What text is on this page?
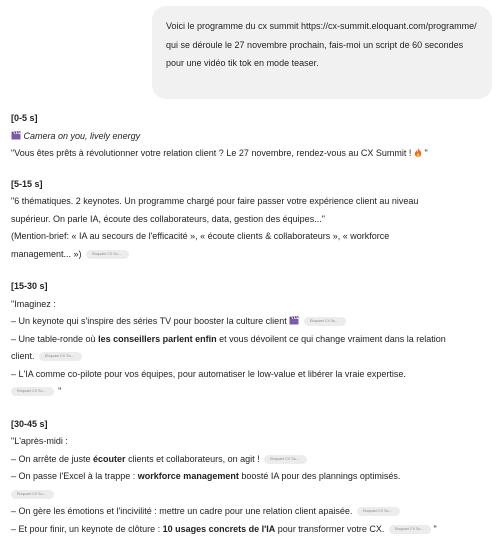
Voici le programme du cx summit https://cx-summit.eloquant.com/programme/ qui se déroule le 27 novembre prochain, fais-moi un script de 60 secondes pour une vidéo tik tok en mode teaser.

[0-5 s]

Camera on you, lively energy

"Vous êtes prêts à révolutionner votre relation client ? Le 27 novembre, rendez-vous au CX Summit ! "

[5-15 s]

"6 thématiques. 2 keynotes. Un programme chargé pour faire passer votre expérience client au niveau

supérieur. On parle IA, écoute des collaborateurs, data, gestion des équipes..."

(Mention-brief: « IA au secours de l'efficacité », « écoute clients & collaborateurs », « workforce

management... »)	Eloquant CX Su...

[15-30 s]

"Imaginez :

– Un keynote qui s'inspire des séries TV pour booster la culture client	Eloquant CX Su...

– Une table-ronde où les conseillers parlent enfin et vous dévoilent ce qui change vraiment dans la relation

client.	Eloquant CX Su...

– L'IA comme co-pilote pour vos équipes, pour automatiser le low-value et libérer la vraie expertise.

Eloquant CX Su... "

[30-45 s]

"L'après-midi :

– On arrête de juste écouter clients et collaborateurs, on agit !	Eloquant CX Su...

– On passe l'Excel à la trappe : workforce management boosté IA pour des plannings optimisés.

Eloquant CX Su...

– On gère les émotions et l'incivilité : mettre un cadre pour une relation client apaisée.	Eloquant CX Su...

– Et pour finir, un keynote de clôture : 10 usages concrets de l'IA pour transformer votre CX.	Eloquant CX Su... "
